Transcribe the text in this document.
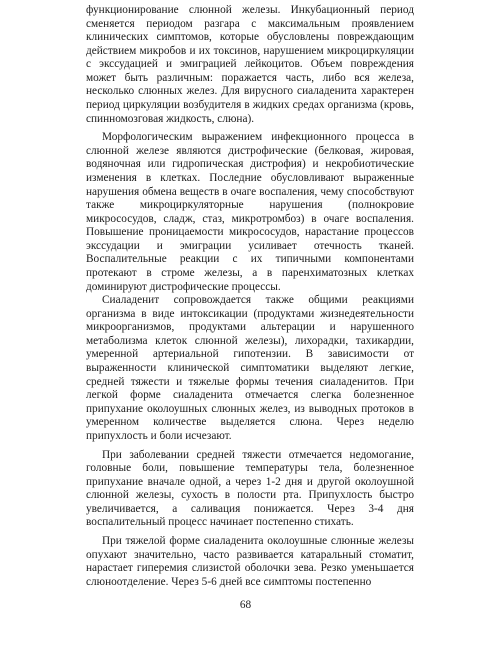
функционирование слюнной железы. Инкубационный период сменяется периодом разгара с максимальным проявлением клинических симптомов, которые обусловлены повреждающим действием микробов и их токсинов, нарушением микроциркуляции с экссудацией и эмиграцией лейкоцитов. Объем повреждения может быть различным: поражается часть, либо вся железа, несколько слюнных желез. Для вирусного сиаладенита характерен период циркуляции возбудителя в жидких средах организма (кровь, спинномозговая жидкость, слюна).

Морфологическим выражением инфекционного процесса в слюнной железе являются дистрофические (белковая, жировая, водяночная или гидропическая дистрофия) и некробиотические изменения в клетках. Последние обусловливают выраженные нарушения обмена веществ в очаге воспаления, чему способствуют также микроциркуляторные нарушения (полнокровие микрососудов, сладж, стаз, микротромбоз) в очаге воспаления. Повышение проницаемости микрососудов, нарастание процессов экссудации и эмиграции усиливает отечность тканей. Воспалительные реакции с их типичными компонентами протекают в строме железы, а в паренхиматозных клетках доминируют дистрофические процессы.

Сиаладенит сопровождается также общими реакциями организма в виде интоксикации (продуктами жизнедеятельности микроорганизмов, продуктами альтерации и нарушенного метаболизма клеток слюнной железы), лихорадки, тахикардии, умеренной артериальной гипотензии. В зависимости от выраженности клинической симптоматики выделяют легкие, средней тяжести и тяжелые формы течения сиаладенитов. При легкой форме сиаладенита отмечается слегка болезненное припухание околоушных слюнных желез, из выводных протоков в умеренном количестве выделяется слюна. Через неделю припухлость и боли исчезают.

При заболевании средней тяжести отмечается недомогание, головные боли, повышение температуры тела, болезненное припухание вначале одной, а через 1-2 дня и другой околоушной слюнной железы, сухость в полости рта. Припухлость быстро увеличивается, а саливация понижается. Через 3-4 дня воспалительный процесс начинает постепенно стихать.

При тяжелой форме сиаладенита околоушные слюнные железы опухают значительно, часто развивается катаральный стоматит, нарастает гиперемия слизистой оболочки зева. Резко уменьшается слюноотделение. Через 5-6 дней все симптомы постепенно

68
